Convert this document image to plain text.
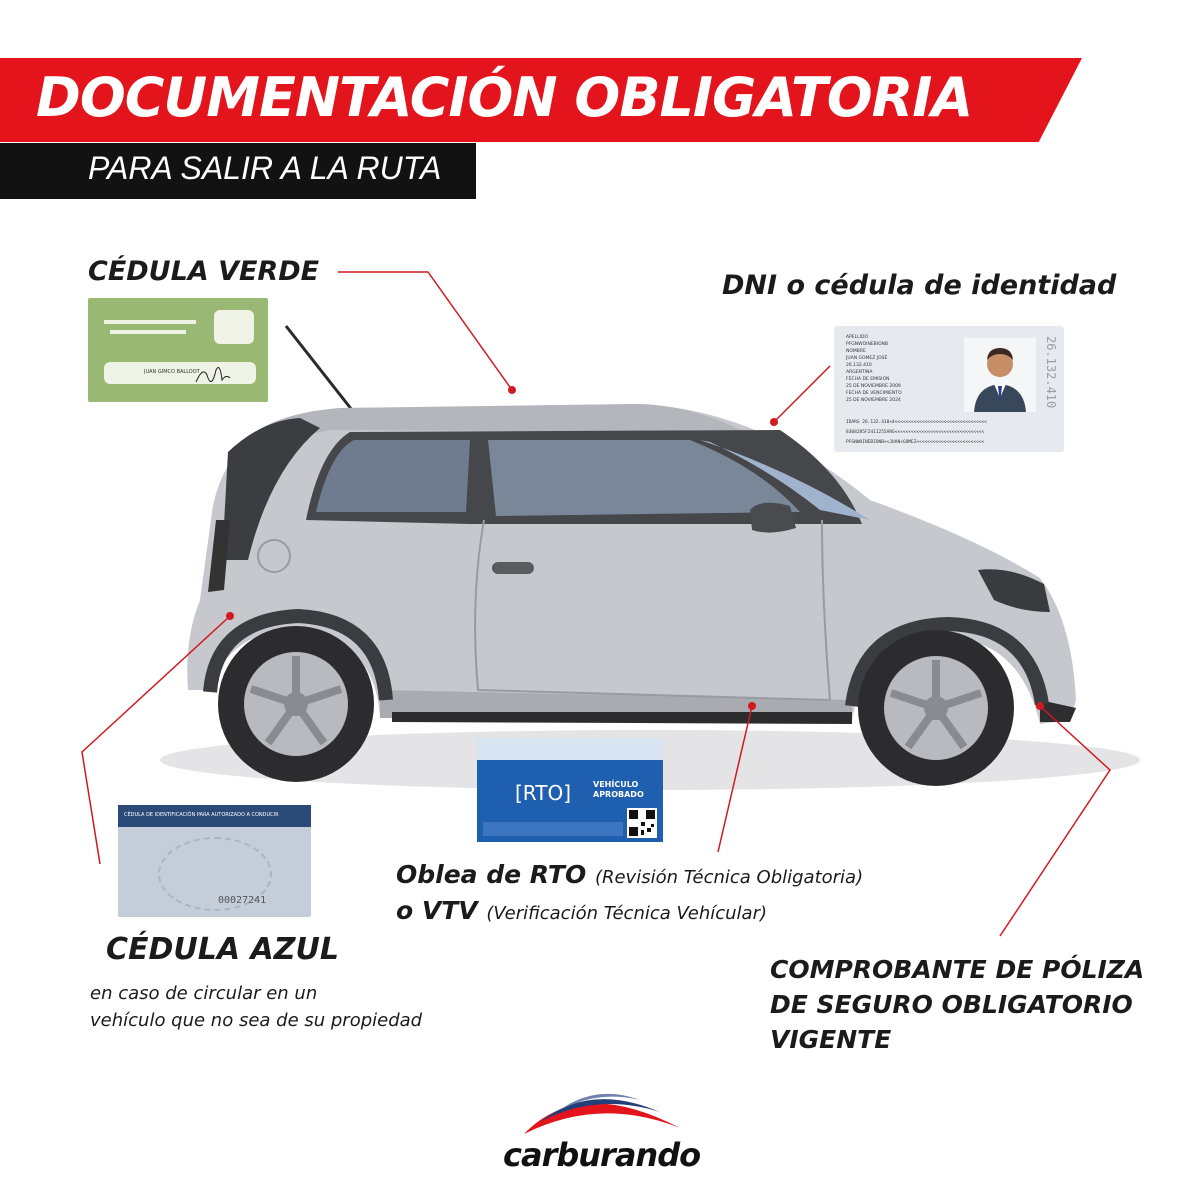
DOCUMENTACIÓN OBLIGATORIA
PARA SALIR A LA RUTA
CÉDULA VERDE
JUAN GIMCO BALLOOT
DNI o cédula de identidad
APELLIDO
PFGNWOINEBIONB
NOMBRE
JUAN GOMEZ JOSÉ
26.132.410
ARGENTINA
FECHA DE EMISIÓN
25 DE NOVIEMBRE 2009
FECHA DE VENCIMIENTO
25 DE NOVIEMBRE 2024	26.132.410
IDARG 26.132.410<4<<<<<<<<<<<<<<<<<<<<<<<<<<<<<<<<<<
8308285F2411255ARG<<<<<<<<<<<<<<<<<<<<<<<<<<<<<<<<<
PFGNWOINEBIONB<<JUAN<GOMEZ<<<<<<<<<<<<<<<<<<<<<<<<<
[RTO]	VEHÍCULO
APROBADO
Oblea de RTO (Revisión Técnica Obligatoria)
o VTV (Verificación Técnica Vehícular)
CÉDULA DE IDENTIFICACIÓN PARA AUTORIZADO A CONDUCIR
00027241
CÉDULA AZUL
en caso de circular en un
vehículo que no sea de su propiedad
COMPROBANTE DE PÓLIZA
DE SEGURO OBLIGATORIO
VIGENTE
carburando
